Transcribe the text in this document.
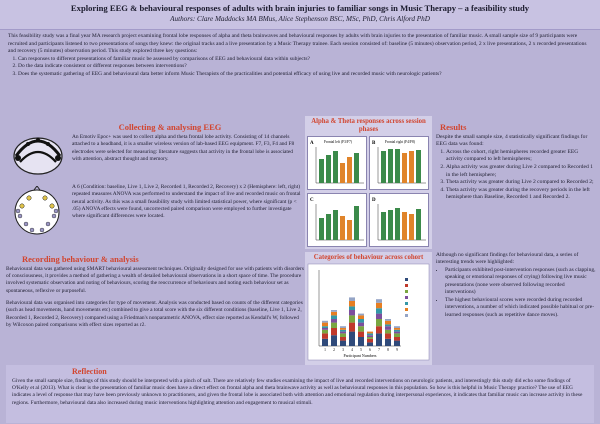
Exploring EEG & behavioural responses of adults with brain injuries to familiar songs in Music Therapy – a feasibility study
Authors: Clare Maddocks MA BMus, Alice Stephenson BSC, MSc, PhD, Chris Alford PhD

This feasibility study was a final year MA research project examining frontal lobe responses of alpha and theta brainwaves and behavioural responses by adults with brain injuries to the presentation of familiar music. A small sample size of 9 participants were recruited and participants listened to two presentations of songs they knew: the original tracks and a live presentation by a Music Therapy trainee. Each session consisted of: baseline (5 minutes) observation period, 2 x live presentations, 2 x recorded presentations and recovery (5 minutes) observation period. This study explored three key questions:

1. Can responses to different presentations of familiar music be assessed by comparisons of EEG and behavioural data within subjects?
2. Do the data indicate consistent or different responses between interventions?
3. Does the systematic gathering of EEG and behavioural data better inform Music Therapists of the practicalities and potential efficacy of using live and recorded music with neurologic patients?
Collecting & analysing EEG

An Emotiv Epoc+ was used to collect alpha and theta frontal lobe activity. Consisting of 14 channels attached to a headband, it is a smaller wireless version of lab-based EEG equipment. F7, F3, F4 and F8 electrodes were selected for measuring: literature suggests that activity in the frontal lobe is associated with attention, abstract thought and memory.

A 6 (Condition: baseline, Live 1, Live 2, Recorded 1, Recorded 2, Recovery) x 2 (Hemisphere: left, right) repeated measures ANOVA was performed to understand the impact of live and recorded music on frontal neural activity. As this was a small feasibility study with limited statistical power, where significant (p < .05) ANOVA effects were found, uncorrected paired comparison were employed to further investigate where significant differences were located.

Alpha & Theta responses across session phases
A	Frontal left (F3/F7)	B	Frontal right (F4/F8)
C	D
Results

Despite the small sample size, 4 statistically significant findings for EEG data was found:

1. Across the cohort, right hemispheres recorded greater EEG activity compared to left hemispheres;
2. Alpha activity was greater during Live 2 compared to Recorded 1 in the left hemisphere;
3. Theta activity was greater during Live 2 compared to Recorded 2;
4. Theta activity was greater during the recovery periods in the left hemisphere than Baseline, Recorded 1 and Recorded 2.
Recording behaviour & analysis

Behavioural data was gathered using SMART behavioural assessment techniques. Originally designed for use with patients with disorders of consciousness, it provides a method of gathering a wealth of detailed behavioural observations in a short space of time. The procedure involved systematic observation and noting of behaviours, scoring the reoccurrence of behaviours and noting each behaviour set as spontaneous, reflexive or purposeful.

Behavioural data was organised into categories for type of movement. Analysis was conducted based on counts of the different categories (such as head movements, hand movements etc) combined to give a total score with the six different conditions (baseline, Live 1, Live 2, Recorded 1, Recorded 2, Recovery) compared using a Friedman's nonparametric ANOVA, effect size reported as Kendall's W, followed by Wilcoxon paired comparisons with effect sizes reported as r2.

Categories of behaviour across cohort
1 2 3 4 5 6 7 8 9
Participant Numbers

Although no significant findings for behavioural data, a series of interesting trends were highlighted:

• Participants exhibited post-intervention responses (such as clapping, speaking or emotional responses of crying) following live music presentations (none were observed following recorded interventions)
• The highest behavioural scores were recorded during recorded interventions, a number of which indicated possible habitual or pre-learned responses (such as repetitive dance moves).
Reflection

Given the small sample size, findings of this study should be interpreted with a pinch of salt. There are relatively few studies examining the impact of live and recorded interventions on neurologic patients, and interestingly this study did echo some findings of O'Kelly et al (2013). What is clear is the presentation of familiar music does have a direct effect on frontal alpha and theta brainwave activity as well as behavioural responses in this population. So how is this helpful in Music Therapy practice? The use of EEG indicates a level of response that may have been previously unknown to practitioners, and given the frontal lobe is associated both with attention and emotional regulation during interpersonal experiences, it indicates that familiar music can increase activity in these regions. Furthermore, behavioural data also increased during music interventions highlighting attention and engagement to musical stimuli.
